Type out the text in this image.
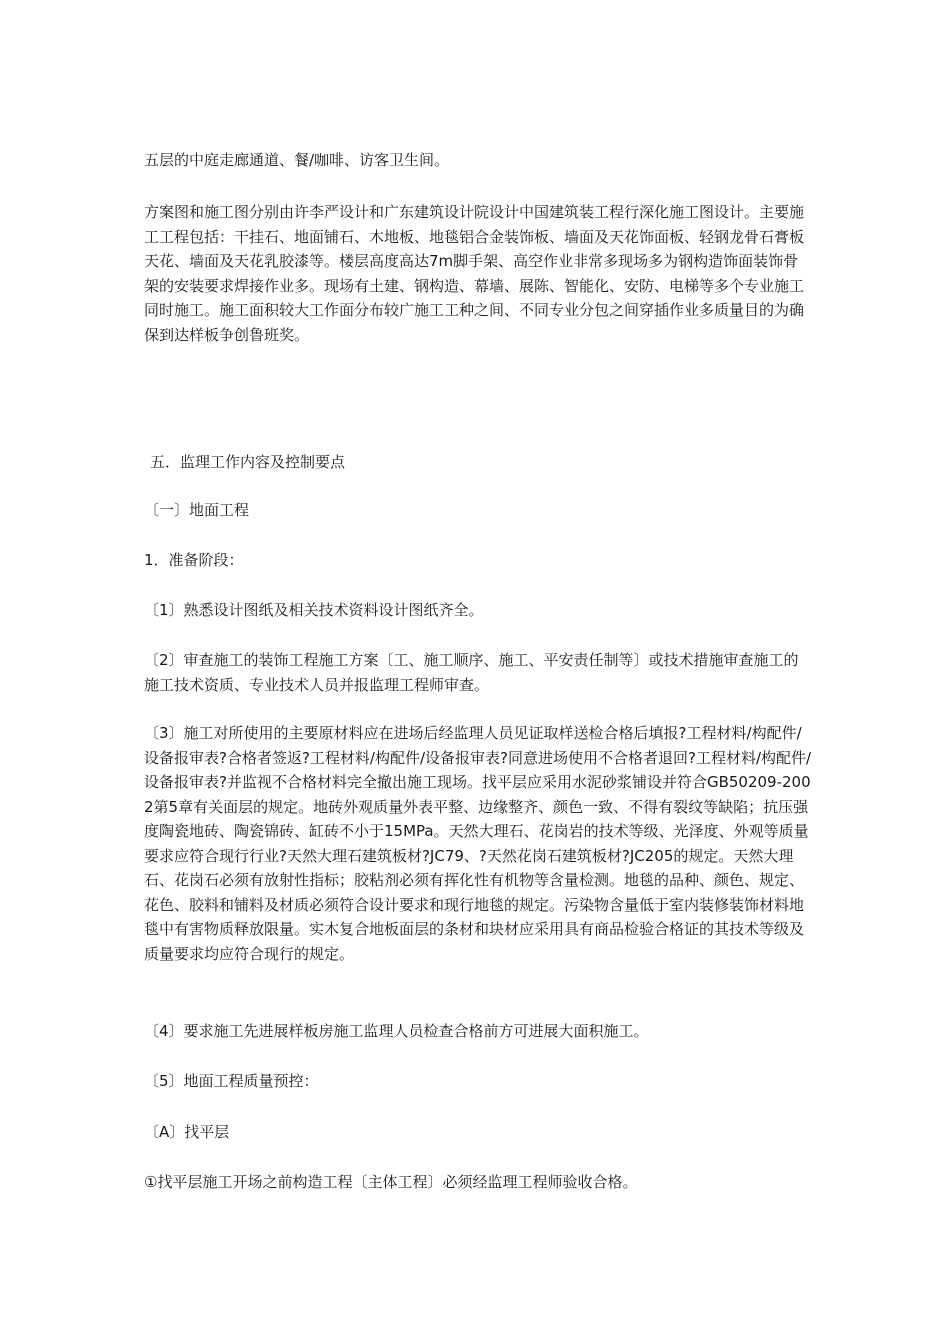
五层的中庭走廊通道、餐/咖啡、访客卫生间。

方案图和施工图分别由许李严设计和广东建筑设计院设计中国建筑装工程行深化施工图设计。主要施工工程包括：干挂石、地面铺石、木地板、地毯铝合金装饰板、墙面及天花饰面板、轻钢龙骨石膏板天花、墙面及天花乳胶漆等。楼层高度高达7m脚手架、高空作业非常多现场多为钢构造饰面装饰骨架的安装要求焊接作业多。现场有土建、钢构造、幕墙、展陈、智能化、安防、电梯等多个专业施工同时施工。施工面积较大工作面分布较广施工工种之间、不同专业分包之间穿插作业多质量目的为确保到达样板争创鲁班奖。

五．监理工作内容及控制要点

〔一〕地面工程

1．准备阶段：

〔1〕熟悉设计图纸及相关技术资料设计图纸齐全。

〔2〕审查施工的装饰工程施工方案〔工、施工顺序、施工、平安责任制等〕或技术措施审查施工的施工技术资质、专业技术人员并报监理工程师审查。

〔3〕施工对所使用的主要原材料应在进场后经监理人员见证取样送检合格后填报?工程材料/构配件/设备报审表?合格者签返?工程材料/构配件/设备报审表?同意进场使用不合格者退回?工程材料/构配件/设备报审表?并监视不合格材料完全撤出施工现场。找平层应采用水泥砂浆铺设并符合GB50209-2002第5章有关面层的规定。地砖外观质量外表平整、边缘整齐、颜色一致、不得有裂纹等缺陷；抗压强度陶瓷地砖、陶瓷锦砖、缸砖不小于15MPa。天然大理石、花岗岩的技术等级、光泽度、外观等质量要求应符合现行行业?天然大理石建筑板材?JC79、?天然花岗石建筑板材?JC205的规定。天然大理石、花岗石必须有放射性指标；胶粘剂必须有挥化性有机物等含量检测。地毯的品种、颜色、规定、花色、胶料和铺料及材质必须符合设计要求和现行地毯的规定。污染物含量低于室内装修装饰材料地毯中有害物质释放限量。实木复合地板面层的条材和块材应采用具有商品检验合格证的其技术等级及质量要求均应符合现行的规定。

〔4〕要求施工先进展样板房施工监理人员检查合格前方可进展大面积施工。

〔5〕地面工程质量预控：

〔A〕找平层

①找平层施工开场之前构造工程〔主体工程〕必须经监理工程师验收合格。
